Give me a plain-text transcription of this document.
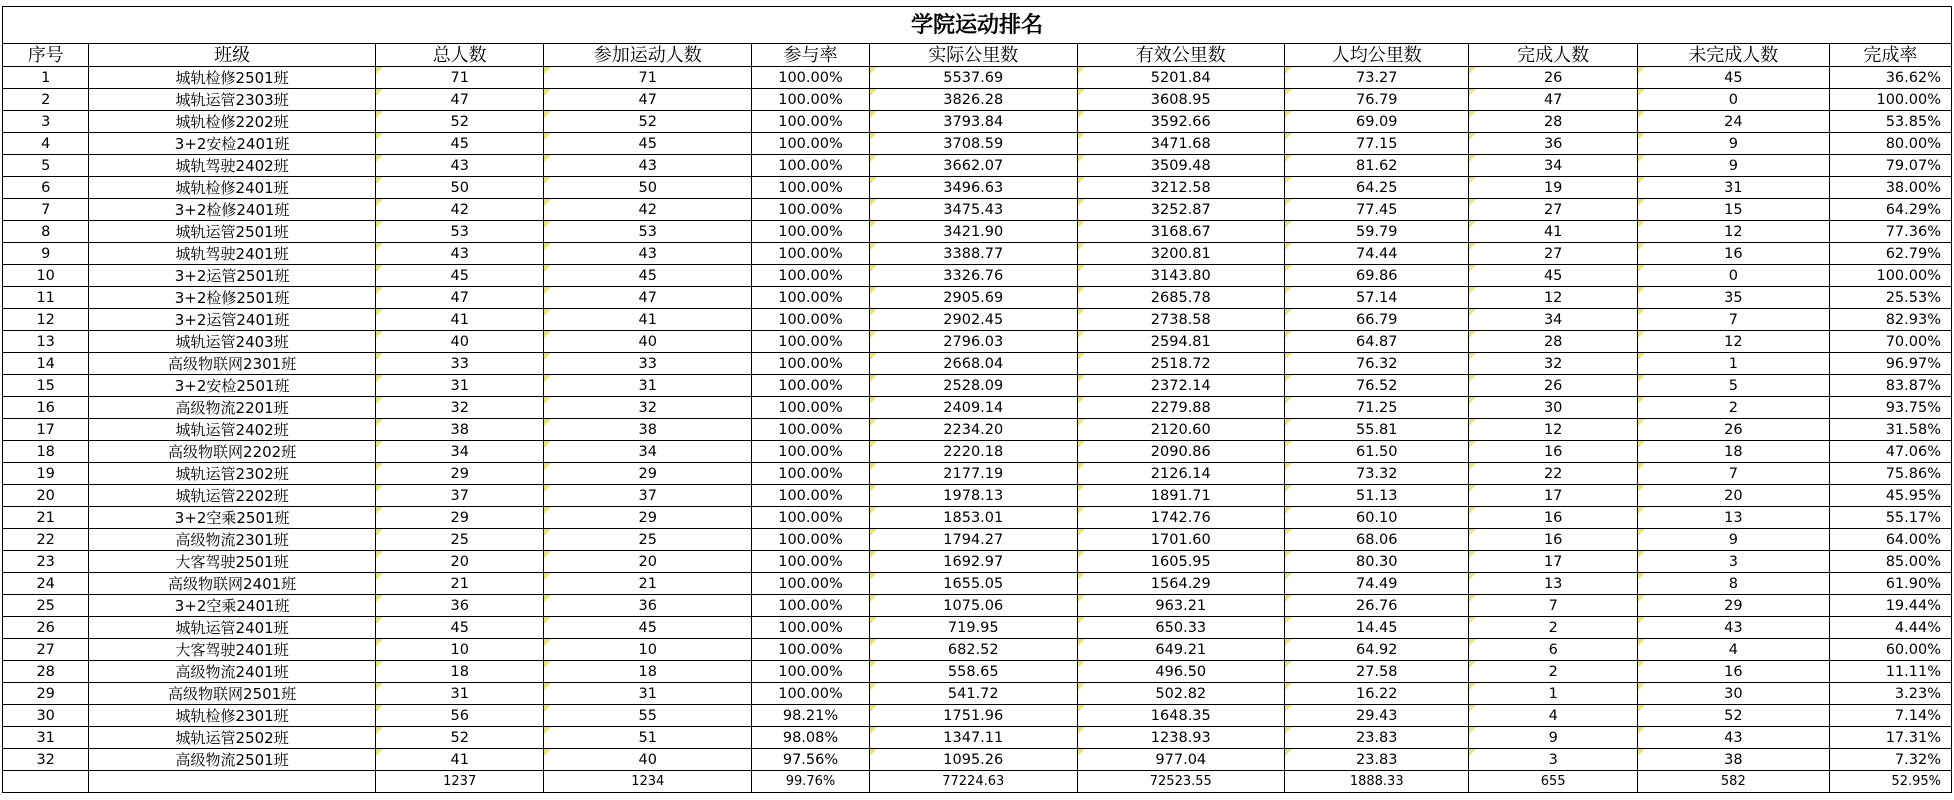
学院运动排名
序号	班级	总人数	参加运动人数	参与率	实际公里数	有效公里数	人均公里数	完成人数	未完成人数	完成率
1	城轨检修2501班	71	71	100.00%	5537.69	5201.84	73.27	26	45	36.62%
2	城轨运管2303班	47	47	100.00%	3826.28	3608.95	76.79	47	0	100.00%
3	城轨检修2202班	52	52	100.00%	3793.84	3592.66	69.09	28	24	53.85%
4	3+2安检2401班	45	45	100.00%	3708.59	3471.68	77.15	36	9	80.00%
5	城轨驾驶2402班	43	43	100.00%	3662.07	3509.48	81.62	34	9	79.07%
6	城轨检修2401班	50	50	100.00%	3496.63	3212.58	64.25	19	31	38.00%
7	3+2检修2401班	42	42	100.00%	3475.43	3252.87	77.45	27	15	64.29%
8	城轨运管2501班	53	53	100.00%	3421.90	3168.67	59.79	41	12	77.36%
9	城轨驾驶2401班	43	43	100.00%	3388.77	3200.81	74.44	27	16	62.79%
10	3+2运管2501班	45	45	100.00%	3326.76	3143.80	69.86	45	0	100.00%
11	3+2检修2501班	47	47	100.00%	2905.69	2685.78	57.14	12	35	25.53%
12	3+2运管2401班	41	41	100.00%	2902.45	2738.58	66.79	34	7	82.93%
13	城轨运管2403班	40	40	100.00%	2796.03	2594.81	64.87	28	12	70.00%
14	高级物联网2301班	33	33	100.00%	2668.04	2518.72	76.32	32	1	96.97%
15	3+2安检2501班	31	31	100.00%	2528.09	2372.14	76.52	26	5	83.87%
16	高级物流2201班	32	32	100.00%	2409.14	2279.88	71.25	30	2	93.75%
17	城轨运管2402班	38	38	100.00%	2234.20	2120.60	55.81	12	26	31.58%
18	高级物联网2202班	34	34	100.00%	2220.18	2090.86	61.50	16	18	47.06%
19	城轨运管2302班	29	29	100.00%	2177.19	2126.14	73.32	22	7	75.86%
20	城轨运管2202班	37	37	100.00%	1978.13	1891.71	51.13	17	20	45.95%
21	3+2空乘2501班	29	29	100.00%	1853.01	1742.76	60.10	16	13	55.17%
22	高级物流2301班	25	25	100.00%	1794.27	1701.60	68.06	16	9	64.00%
23	大客驾驶2501班	20	20	100.00%	1692.97	1605.95	80.30	17	3	85.00%
24	高级物联网2401班	21	21	100.00%	1655.05	1564.29	74.49	13	8	61.90%
25	3+2空乘2401班	36	36	100.00%	1075.06	963.21	26.76	7	29	19.44%
26	城轨运管2401班	45	45	100.00%	719.95	650.33	14.45	2	43	4.44%
27	大客驾驶2401班	10	10	100.00%	682.52	649.21	64.92	6	4	60.00%
28	高级物流2401班	18	18	100.00%	558.65	496.50	27.58	2	16	11.11%
29	高级物联网2501班	31	31	100.00%	541.72	502.82	16.22	1	30	3.23%
30	城轨检修2301班	56	55	98.21%	1751.96	1648.35	29.43	4	52	7.14%
31	城轨运管2502班	52	51	98.08%	1347.11	1238.93	23.83	9	43	17.31%
32	高级物流2501班	41	40	97.56%	1095.26	977.04	23.83	3	38	7.32%
		1237	1234	99.76%	77224.63	72523.55	1888.33	655	582	52.95%
